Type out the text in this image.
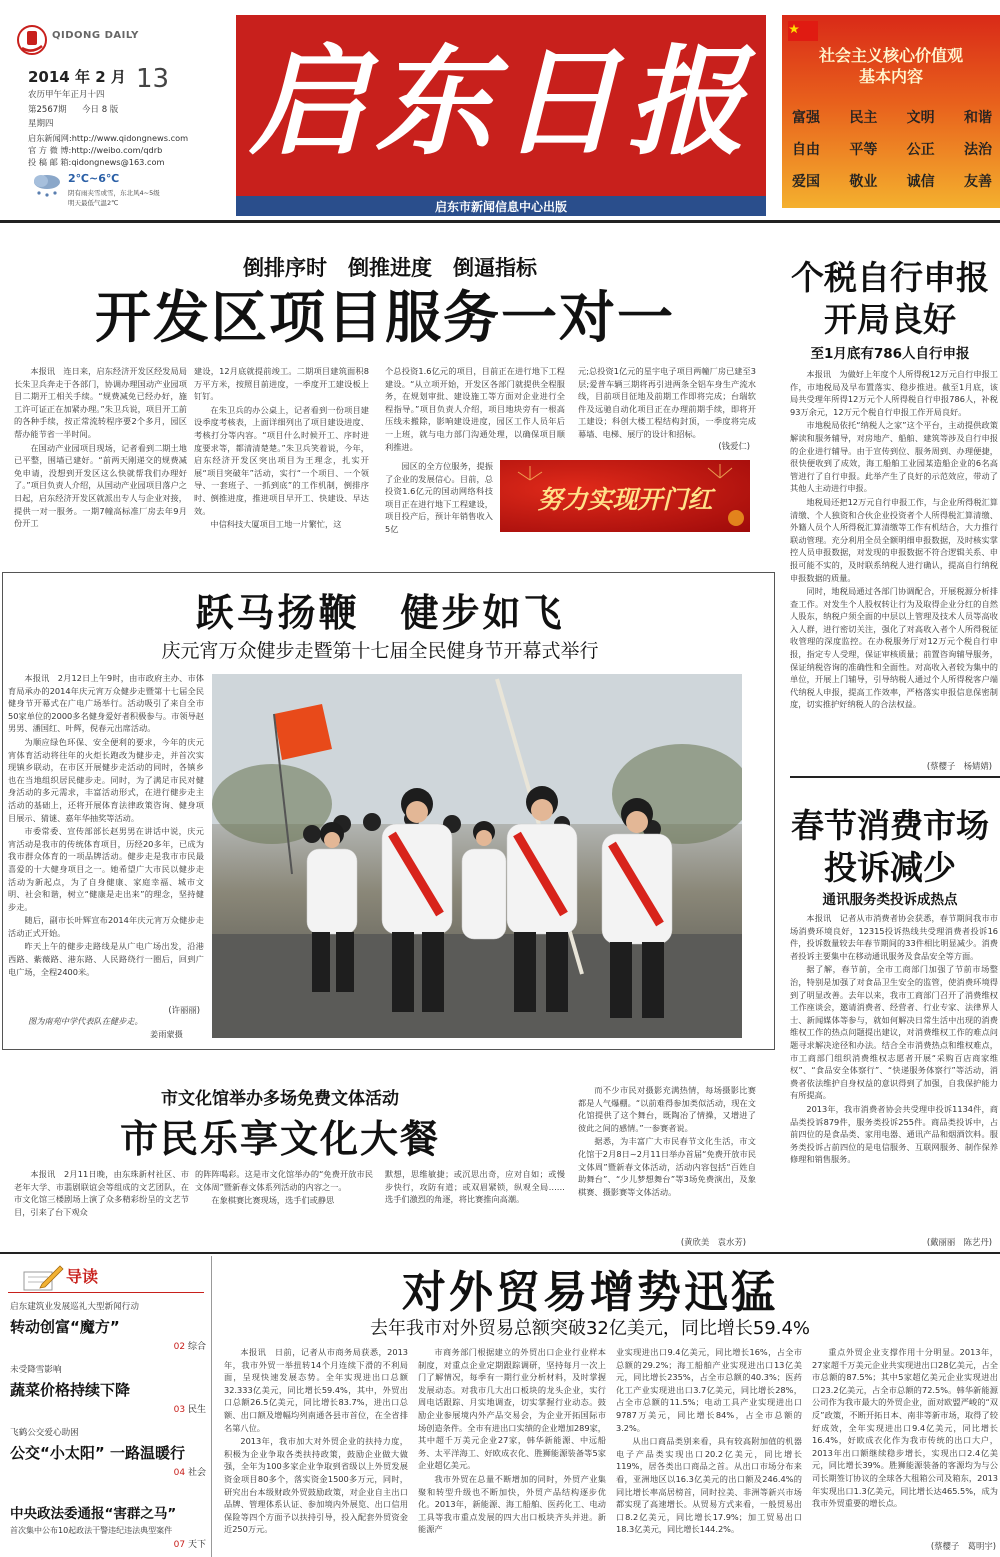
QIDONG DAILY
2014 年 2 月 13
农历甲午年正月十四
第2567期 今日 8 版
星期四
启东新闻网:http://www.qidongnews.com
官 方 微 博:http://weibo.com/qdrb
投 稿 邮 箱:qidongnews@163.com
2℃~6℃
阴有雨夹雪或雪，东北风4~5级
明天最低气温2℃
启东日报
启东市新闻信息中心出版
社会主义核心价值观
基本内容
富强 民主 文明 和谐
自由 平等 公正 法治
爱国 敬业 诚信 友善
倒排序时　倒推进度　倒逼指标
开发区项目服务一对一

本报讯　连日来，启东经济开发区经发局局长朱卫兵奔走于各部门，协调办理国动产业园项目二期开工相关手续。“规费减免已经办好，施工许可证正在加紧办理。”朱卫兵说，项目开工前的各种手续，按正常流转程序要2个多月，园区帮办能节省一半时间。

在国动产业园项目现场，记者看到二期土地已平整，围墙已建好。“前两天刚递交的规费减免申请，没想到开发区这么快就帮我们办理好了。”项目负责人介绍，从国动产业园项目落户之日起，启东经济开发区就派出专人与企业对接，提供一对一服务。一期7幢高标准厂房去年9月份开工

建设，12月底就提前竣工。二期项目建筑面积8万平方米，按照目前进度，一季度开工建设板上钉钉。

在朱卫兵的办公桌上，记者看到一份项目建设季度考核表，上面详细列出了项目建设进度、考核打分等内容。“项目什么时候开工、序时进度要求等，都清清楚楚。”朱卫兵笑着说，今年，启东经济开发区突出项目为王理念，扎实开展“项目突破年”活动，实行“一个项目、一个领导、一套班子、一抓到底”的工作机制，倒排序时、倒推进度，推进项目早开工、快建设、早达效。

中信科技大厦项目工地一片繁忙，这

个总投资1.6亿元的项目，目前正在进行地下工程建设。“从立项开始，开发区各部门就提供全程服务，在规划审批、建设施工等方面对企业进行全程指导。”项目负责人介绍，项目地块旁有一根高压线未搬除，影响建设进度，园区工作人员年后一上班，就与电力部门沟通处理，以确保项目顺利推进。

园区的全方位服务，提振了企业的发展信心。目前，总投资1.6亿元的国动网络科技项目正在进行地下工程建设，项目投产后，预计年销售收入5亿

元;总投资1亿元的星宇电子项目两幢厂房已建至3层;爱普车辆三期将再引进两条全铝车身生产流水线，目前项目征地及前期工作即将完成；台瑞软件及远驰自动化项目正在办理前期手续，即将开工建设；科创大楼工程结构封顶，一季度将完成幕墙、电梯、展厅的设计和招标。

(钱爱仁)
努力实现开门红
跃马扬鞭　健步如飞
庆元宵万众健步走暨第十七届全民健身节开幕式举行

本报讯　2月12日上午9时，由市政府主办、市体育局承办的2014年庆元宵万众健步走暨第十七届全民健身节开幕式在广电广场举行。活动吸引了来自全市50家单位的2000多名健身爱好者积极参与。市领导赵男男、潘国红、叶辉，倪春元出席活动。

为顺应绿色环保、安全便利的要求，今年的庆元宵体育活动将往年的火炬长跑改为健步走，并首次实现镇乡联动，在市区开展健步走活动的同时，各镇乡也在当地组织居民健步走。同时，为了满足市民对健身活动的多元需求，丰富活动形式，在进行健步走主活动的基础上，还将开展体育法律政策咨询、健身项目展示、猜谜、嘉年华抽奖等活动。

市委常委、宣传部部长赵男男在讲话中说，庆元宵活动是我市的传统体育项目，历经20多年，已成为我市群众体育的一项品牌活动。健步走是我市市民最喜爱的十大健身项目之一。她希望广大市民以健步走活动为新起点，为了自身健康、家庭幸福、城市文明、社会和谐，树立“健康是走出来”的理念，坚持健步走。

随后，副市长叶辉宣布2014年庆元宵万众健步走活动正式开始。

昨天上午的健步走路线是从广电广场出发，沿港西路、紫薇路、港东路、人民路绕行一圈后，回到广电广场，全程2400米。

(许丽丽)
图为南苑中学代表队在健步走。
姜雨蒙摄
市文化馆举办多场免费文体活动
市民乐享文化大餐

本报讯　2月11日晚，由东珠新村社区、市老年大学、市翡剧联谊会等组成的文艺团队，在市文化馆三楼剧场上演了众多精彩纷呈的文艺节目，引来了台下观众

的阵阵喝彩。这是市文化馆举办的“免费开放市民文体周”暨新春文体系列活动的内容之一。

在象棋赛比赛现场，选手们或静思

默想，思维敏捷；或沉思出奇，应对自如；或慢步快行，攻防有道；或双眉紧锁，纵观全局……选手们激烈的角逐，将比赛推向高潮。

而不少市民对摄影充满热情，每场摄影比赛都是人气爆棚。“以前难得参加类似活动，现在文化馆提供了这个舞台，既陶冶了情操，又增进了彼此之间的感情。”一参赛者说。

据悉，为丰富广大市民春节文化生活，市文化馆于2月8日~2月11日举办首届“免费开放市民文体周”暨新春文体活动，活动内容包括“百姓自助舞台”、“少儿梦想舞台”等3场免费演出，及象棋赛、摄影赛等文体活动。

(黄欣美　袁水芳)
个税自行申报
开局良好
至1月底有786人自行申报

本报讯　为做好上年度个人所得税12万元自行申报工作，市地税局及早布置落实、稳步推进。截至1月底，该局共受理年所得12万元个人所得税自行申报786人，补税93万余元，12万元个税自行申报工作开局良好。

市地税局依托“纳税人之家”这个平台，主动提供政策解读和服务辅导，对房地产、船舶、建筑等涉及自行申报的企业进行辅导。由于宣传到位、服务周到、办理便捷，很快便收到了成效，海工船舶工业园某造船企业的6名高管进行了自行申报。此举产生了良好的示范效应，带动了其他人主动进行申报。

地税局还把12万元自行申报工作，与企业所得税汇算清缴、个人独资和合伙企业投资者个人所得税汇算清缴、外籍人员个人所得税汇算清缴等工作有机结合，大力推行联动管理。充分利用全员全额明细申报数据，及时核实掌控人员申报数据，对发现的申报数据不符合逻辑关系、申报可能不实的，及时联系纳税人进行确认，提高自行纳税申报数据的质量。

同时，地税局通过各部门协调配合，开展税源分析排查工作。对发生个人股权转让行为及取得企业分红的自然人股东，纳税户须全面的中层以上管理及技术人员等高收入人群，进行密切关注，强化了对高收入者个人所得税征收管理的深度监控。在办税服务厅对12万元个税自行申报，指定专人受理，保证审核质量；前置咨询辅导服务，保证纳税咨询的准确性和全面性。对高收入者较为集中的单位，开展上门辅导，引导纳税人通过个人所得税客户端代纳税人申报，提高工作效率，严格落实申报信息保密制度，切实推护好纳税人的合法权益。

(蔡樱子　杨婧婧)
春节消费市场
投诉减少
通讯服务类投诉成热点

本报讯　记者从市消费者协会获悉，春节期间我市市场消费环境良好，12315投诉热线共受理消费者投诉16件，投诉数量较去年春节期间的33件相比明显减少。消费者投诉主要集中在移动通讯服务及食品安全等方面。

据了解，春节前，全市工商部门加强了节前市场整治，特别是加强了对食品卫生安全的监管，使消费环境得到了明显改善。去年以来，我市工商部门召开了消费维权工作座谈会，邀请消费者、经营者、行业专家、法律界人士、新闻媒体等参与，就如何解决日常生活中出现的消费维权工作的热点问题提出建议，对消费维权工作的难点问题寻求解决途径和办法。结合全市消费热点和维权难点，市工商部门组织消费维权志愿者开展“采购百店商家维权”、“食品安全体察行”、“快递服务体察行”等活动，消费者依法维护自身权益的意识得到了加强，自我保护能力有所提高。

2013年，我市消费者协会共受理申投诉1134件，商品类投诉879件，服务类投诉255件。商品类投诉中，占前四位的是食品类、家用电器、通讯产品和烟酒饮料。服务类投诉占前四位的是电信服务、互联网服务、制作保养修理和销售服务。

(戴丽丽　陈艺丹)
导读
启东建筑业发展巡礼大型新闻行动
转动创富“魔方”
02 综合
未受降雪影响
蔬菜价格持续下降
03 民生
飞鹤公交爱心助困
公交“小太阳” 一路温暖行
04 社会
中央政法委通报“害群之马”
首次集中公布10起政法干警违纪违法典型案件
07 天下
对外贸易增势迅猛
去年我市对外贸易总额突破32亿美元，同比增长59.4%

本报讯　日前，记者从市商务局获悉，2013年，我市外贸一举扭转14个月连续下滑的不利局面，呈现快速发展态势。全年实现进出口总额32.333亿美元，同比增长59.4%，其中，外贸出口总额26.5亿美元，同比增长83.7%，进出口总额、出口额及增幅均列南通各县市首位，在全省排名第八位。

2013年，我市加大对外贸企业的扶持力度，积极为企业争取各类扶持政策，鼓励企业做大做强，全年为100多家企业争取到省级以上外贸发展资金项目80多个，落实资金1500多万元，同时，研究出台本级财政外贸鼓励政策，对企业自主出口品牌、管理体系认证、参加境内外展览、出口信用保险等四个方面予以扶持引导，投入配套外贸资金近250万元。

市商务部门根据建立的外贸出口企业行业样本制度，对重点企业定期跟踪调研，坚持每月一次上门了解情况，每季有一期行业分析材料，及时掌握发展动态。对我市几大出口板块的龙头企业，实行周电话跟踪、月实地调查，切实掌握行业动态。鼓励企业参展境内外产品交易会，为企业开拓国际市场创造条件。全市有进出口实绩的企业增加289家，其中超千万美元企业27家，韩华新能源、中远船务、太平洋海工、好欧成衣化、胜狮能源装备等5家企业超亿美元。

我市外贸在总量不断增加的同时，外贸产业集聚和转型升级也不断加快，外贸产品结构逐步优化。2013年，新能源、海工船舶、医药化工、电动工具等我市重点发展的四大出口板块齐头并进。新能源产

业实现进出口9.4亿美元，同比增长16%，占全市总额的29.2%；海工船舶产业实现进出口13亿美元，同比增长235%，占全市总额的40.3%；医药化工产业实现进出口3.7亿美元，同比增长28%，占全市总额的11.5%；电动工具产业实现进出口9787万美元，同比增长84%，占全市总额的3.2%。

从出口商品类别来看，具有较高附加值的机器电子产品类实现出口20.2亿美元，同比增长119%，居各类出口商品之首。从出口市场分布来看，亚洲地区以16.3亿美元的出口额及246.4%的同比增长率高居榜首，同时拉美、非洲等新兴市场都实现了高速增长。从贸易方式来看，一般贸易出口8.2亿美元，同比增长17.9%；加工贸易出口18.3亿美元，同比增长144.2%。

重点外贸企业支撑作用十分明显。2013年，27家超千万美元企业共实现进出口28亿美元，占全市总额的87.5%；其中5家超亿美元企业实现进出口23.2亿美元，占全市总额的72.5%。韩华新能源公司作为我市最大的外贸企业，面对欧盟严峻的“双反”政策，不断开拓日本、南非等新市场，取得了较好成效，全年实现进出口9.4亿美元，同比增长16.4%，好欧成衣化作为我市传统的出口大户，2013年出口额继续稳步增长，实现出口2.4亿美元，同比增长39%。胜狮能源装备的客源均为与公司长期签订协议的全球各大租箱公司及箱东，2013年实现出口1.3亿美元，同比增长达465.5%，成为我市外贸重要的增长点。

(蔡樱子　葛明宇)
